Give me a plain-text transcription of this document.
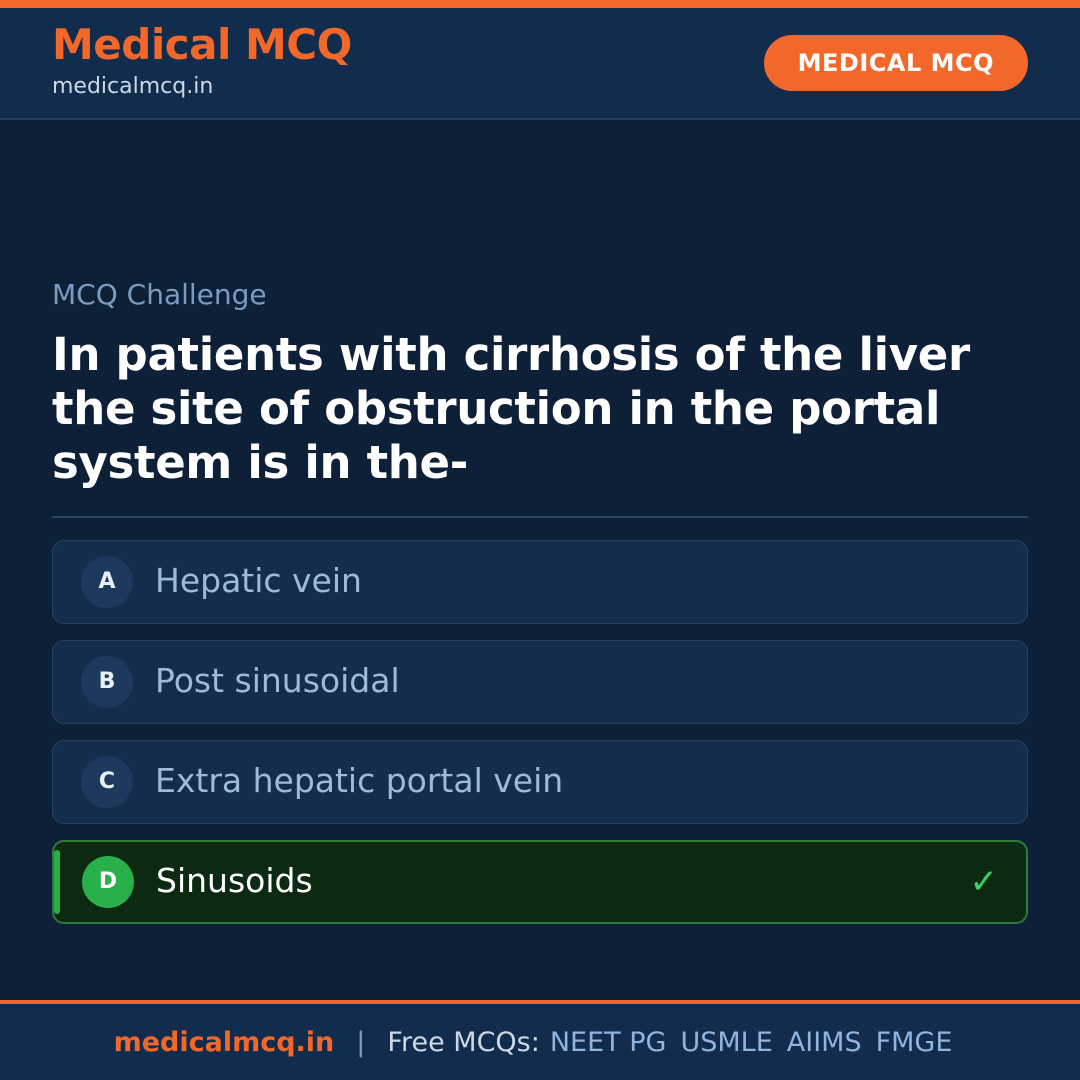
Medical MCQ
medicalmcq.in
MEDICAL MCQ
MCQ Challenge
In patients with cirrhosis of the liver the site of obstruction in the portal system is in the-
A	Hepatic vein
B	Post sinusoidal
C	Extra hepatic portal vein
D	Sinusoids	✓
medicalmcq.in | Free MCQs: NEET PG USMLE AIIMS FMGE
